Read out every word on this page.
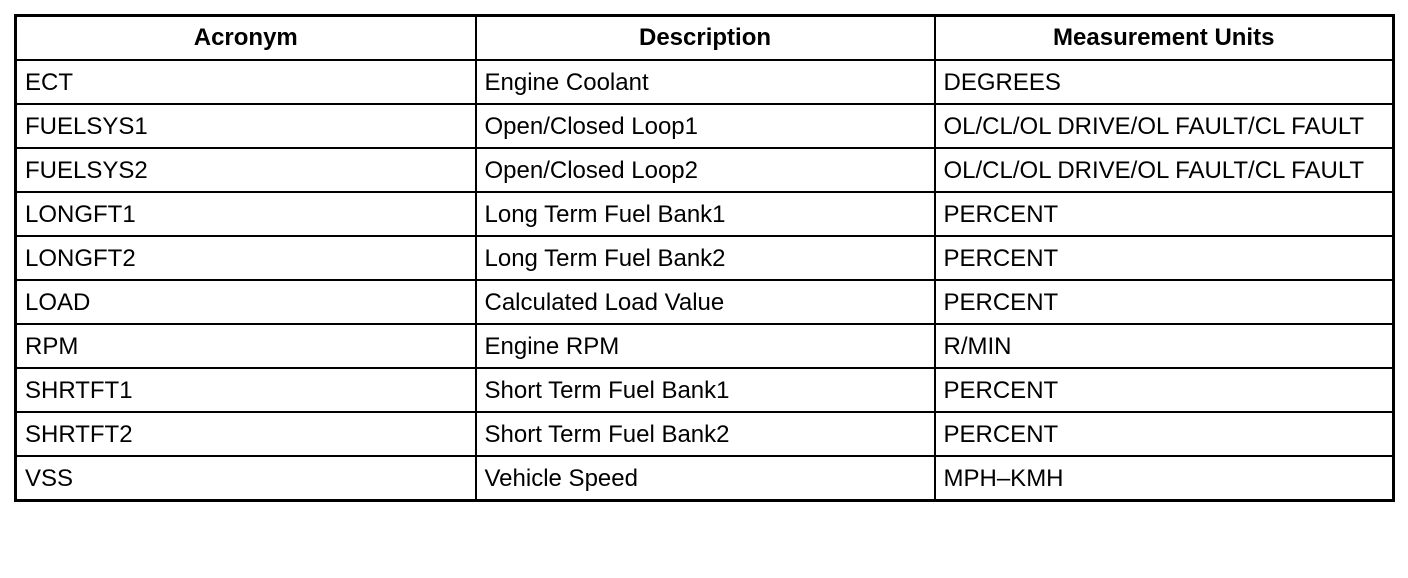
Acronym	Description	Measurement Units
ECT	Engine Coolant	DEGREES
FUELSYS1	Open/Closed Loop1	OL/CL/OL DRIVE/OL FAULT/CL FAULT
FUELSYS2	Open/Closed Loop2	OL/CL/OL DRIVE/OL FAULT/CL FAULT
LONGFT1	Long Term Fuel Bank1	PERCENT
LONGFT2	Long Term Fuel Bank2	PERCENT
LOAD	Calculated Load Value	PERCENT
RPM	Engine RPM	R/MIN
SHRTFT1	Short Term Fuel Bank1	PERCENT
SHRTFT2	Short Term Fuel Bank2	PERCENT
VSS	Vehicle Speed	MPH–KMH
